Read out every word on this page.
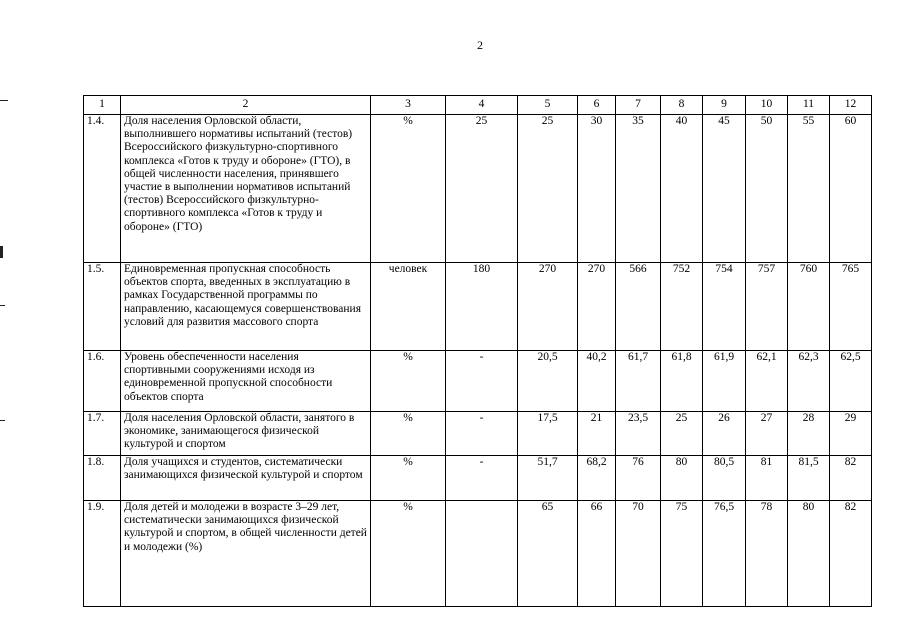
2
1	2	3	4	5	6	7	8	9	10	11	12
1.4.	Доля населения Орловской области, выполнившего нормативы испытаний (тестов) Всероссийского физкультурно-спортивного комплекса «Готов к труду и обороне» (ГТО), в общей численности населения, принявшего участие в выполнении нормативов испытаний (тестов) Всероссийского физкультурно-спортивного комплекса «Готов к труду и обороне» (ГТО)	%	25	25	30	35	40	45	50	55	60
1.5.	Единовременная пропускная способность объектов спорта, введенных в эксплуатацию в рамках Государственной программы по направлению, касающемуся совершенствования условий для развития массового спорта	человек	180	270	270	566	752	754	757	760	765
1.6.	Уровень обеспеченности населения спортивными сооружениями исходя из единовременной пропускной способности объектов спорта	%	-	20,5	40,2	61,7	61,8	61,9	62,1	62,3	62,5
1.7.	Доля населения Орловской области, занятого в экономике, занимающегося физической культурой и спортом	%	-	17,5	21	23,5	25	26	27	28	29
1.8.	Доля учащихся и студентов, систематически занимающихся физической культурой и спортом	%	-	51,7	68,2	76	80	80,5	81	81,5	82
1.9.	Доля детей и молодежи в возрасте 3–29 лет, систематически занимающихся физической культурой и спортом, в общей численности детей и молодежи (%)	%		65	66	70	75	76,5	78	80	82
